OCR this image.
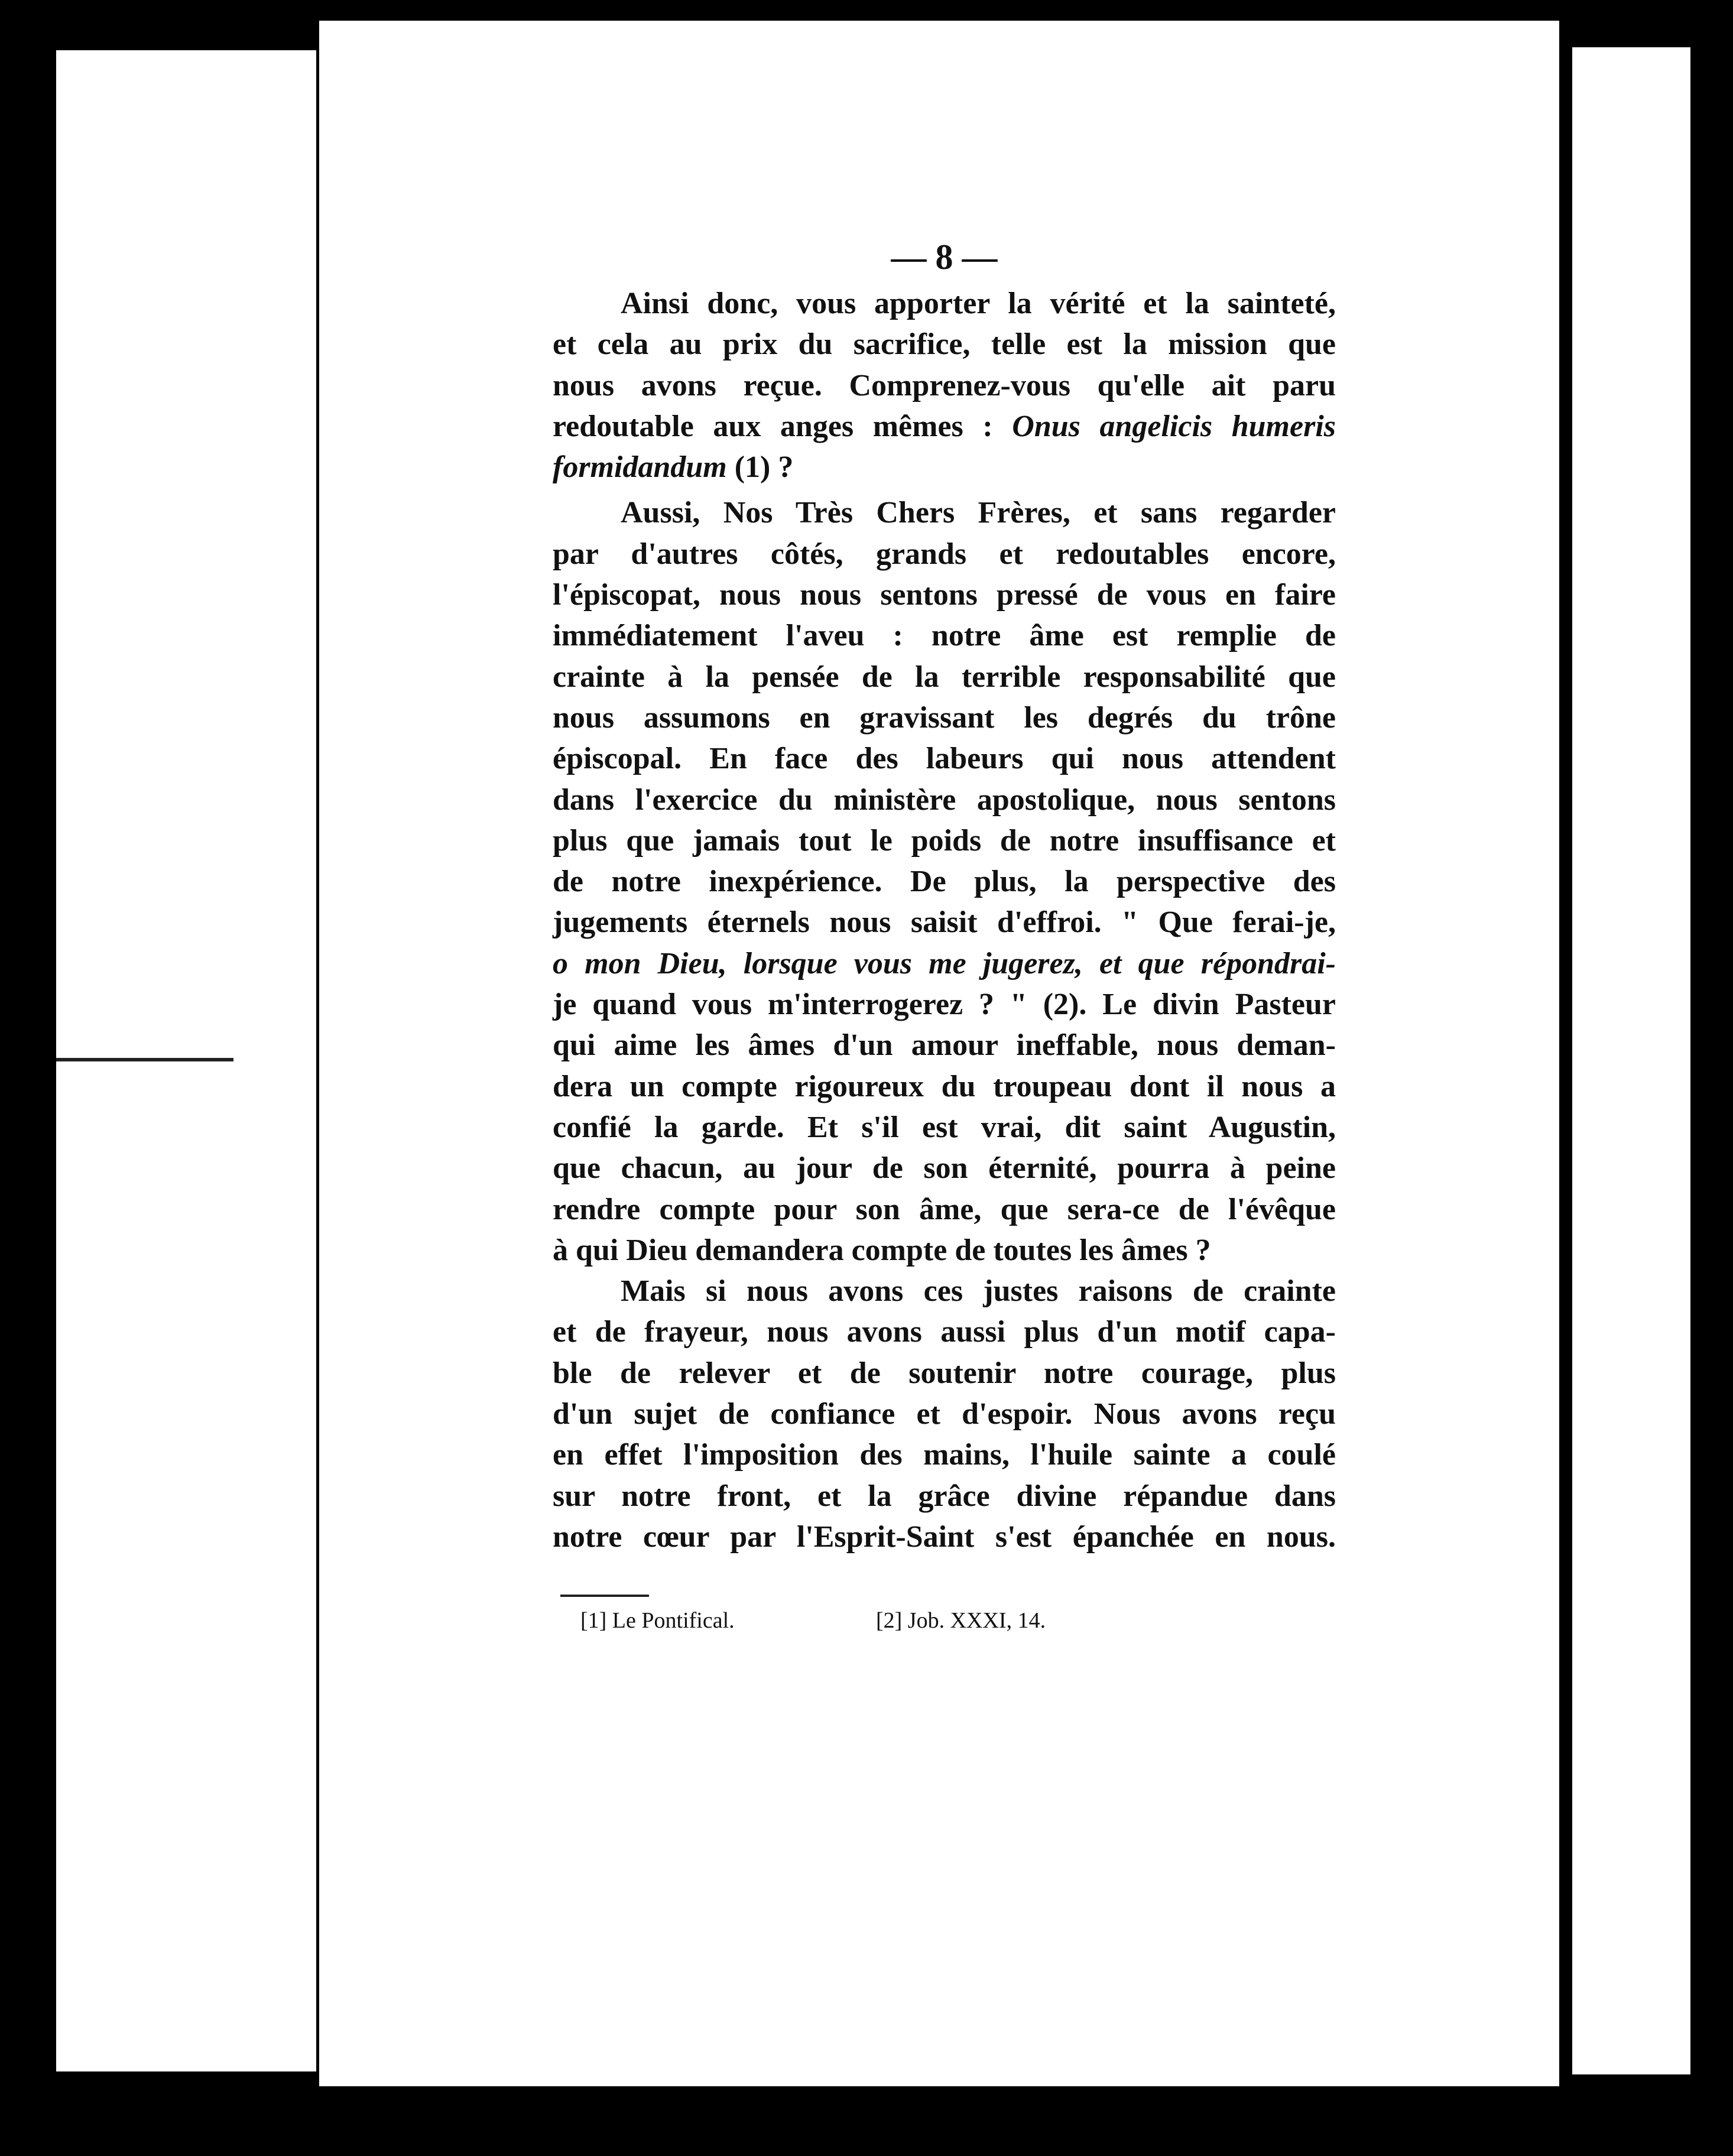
— 8 —

Ainsi donc, vous apporter la vérité et la sainteté,
et cela au prix du sacrifice, telle est la mission que
nous avons reçue. Comprenez-vous qu'elle ait paru
redoutable aux anges mêmes : Onus angelicis humeris
formidandum (1) ?

Aussi, Nos Très Chers Frères, et sans regarder
par d'autres côtés, grands et redoutables encore,
l'épiscopat, nous nous sentons pressé de vous en faire
immédiatement l'aveu : notre âme est remplie de
crainte à la pensée de la terrible responsabilité que
nous assumons en gravissant les degrés du trône
épiscopal. En face des labeurs qui nous attendent
dans l'exercice du ministère apostolique, nous sentons
plus que jamais tout le poids de notre insuffisance et
de notre inexpérience. De plus, la perspective des
jugements éternels nous saisit d'effroi. " Que ferai-je,
o mon Dieu, lorsque vous me jugerez, et que répondrai-
je quand vous m'interrogerez ? " (2). Le divin Pasteur
qui aime les âmes d'un amour ineffable, nous deman-
dera un compte rigoureux du troupeau dont il nous a
confié la garde. Et s'il est vrai, dit saint Augustin,
que chacun, au jour de son éternité, pourra à peine
rendre compte pour son âme, que sera-ce de l'évêque
à qui Dieu demandera compte de toutes les âmes ?

Mais si nous avons ces justes raisons de crainte
et de frayeur, nous avons aussi plus d'un motif capa-
ble de relever et de soutenir notre courage, plus
d'un sujet de confiance et d'espoir. Nous avons reçu
en effet l'imposition des mains, l'huile sainte a coulé
sur notre front, et la grâce divine répandue dans
notre cœur par l'Esprit-Saint s'est épanchée en nous.

[1] Le Pontifical.	[2] Job. XXXI, 14.
